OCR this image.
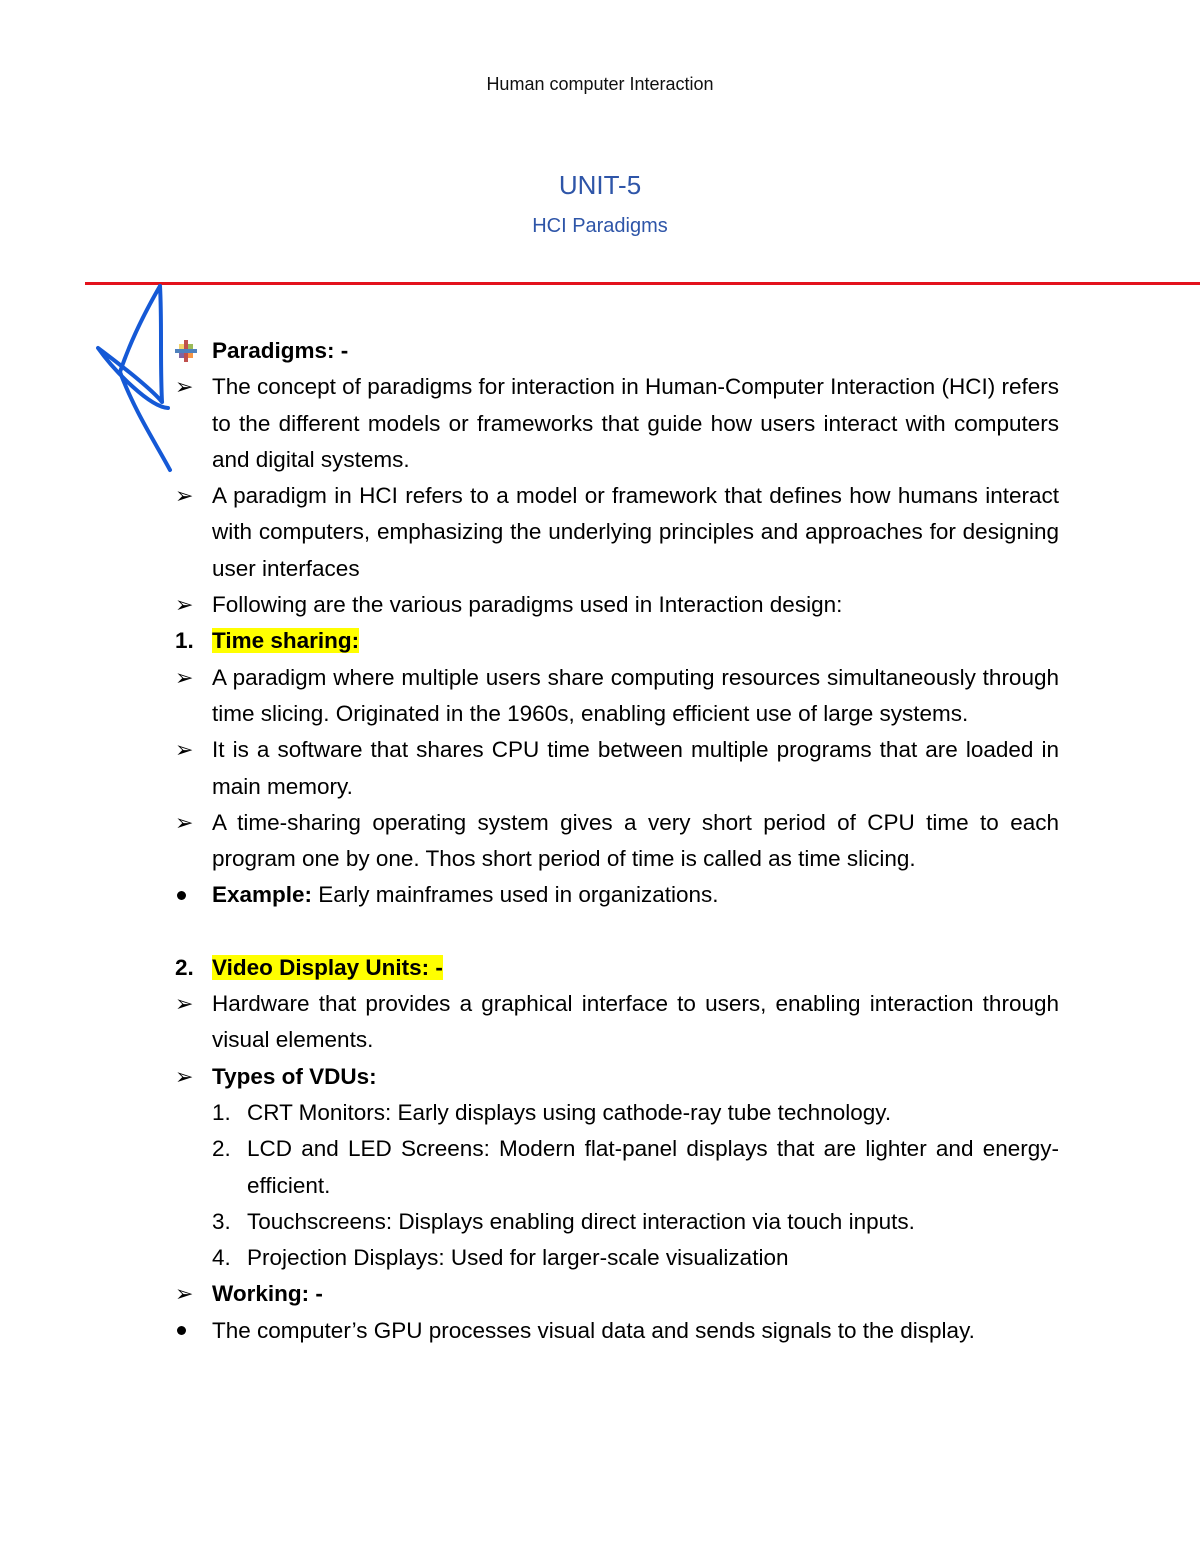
Human computer Interaction
UNIT-5
HCI Paradigms
Paradigms: -
➢ The concept of paradigms for interaction in Human-Computer Interaction (HCI) refers to the different models or frameworks that guide how users interact with computers and digital systems.
➢ A paradigm in HCI refers to a model or framework that defines how humans interact with computers, emphasizing the underlying principles and approaches for designing user interfaces
➢ Following are the various paradigms used in Interaction design:
1. Time sharing:
➢ A paradigm where multiple users share computing resources simultaneously through time slicing. Originated in the 1960s, enabling efficient use of large systems.
➢ It is a software that shares CPU time between multiple programs that are loaded in main memory.
➢ A time-sharing operating system gives a very short period of CPU time to each program one by one. Thos short period of time is called as time slicing.
Example: Early mainframes used in organizations.
2. Video Display Units: -
➢ Hardware that provides a graphical interface to users, enabling interaction through visual elements.
➢ Types of VDUs:
1. CRT Monitors: Early displays using cathode-ray tube technology.
2. LCD and LED Screens: Modern flat-panel displays that are lighter and energy-efficient.
3. Touchscreens: Displays enabling direct interaction via touch inputs.
4. Projection Displays: Used for larger-scale visualization
➢ Working: -
The computer’s GPU processes visual data and sends signals to the display.
